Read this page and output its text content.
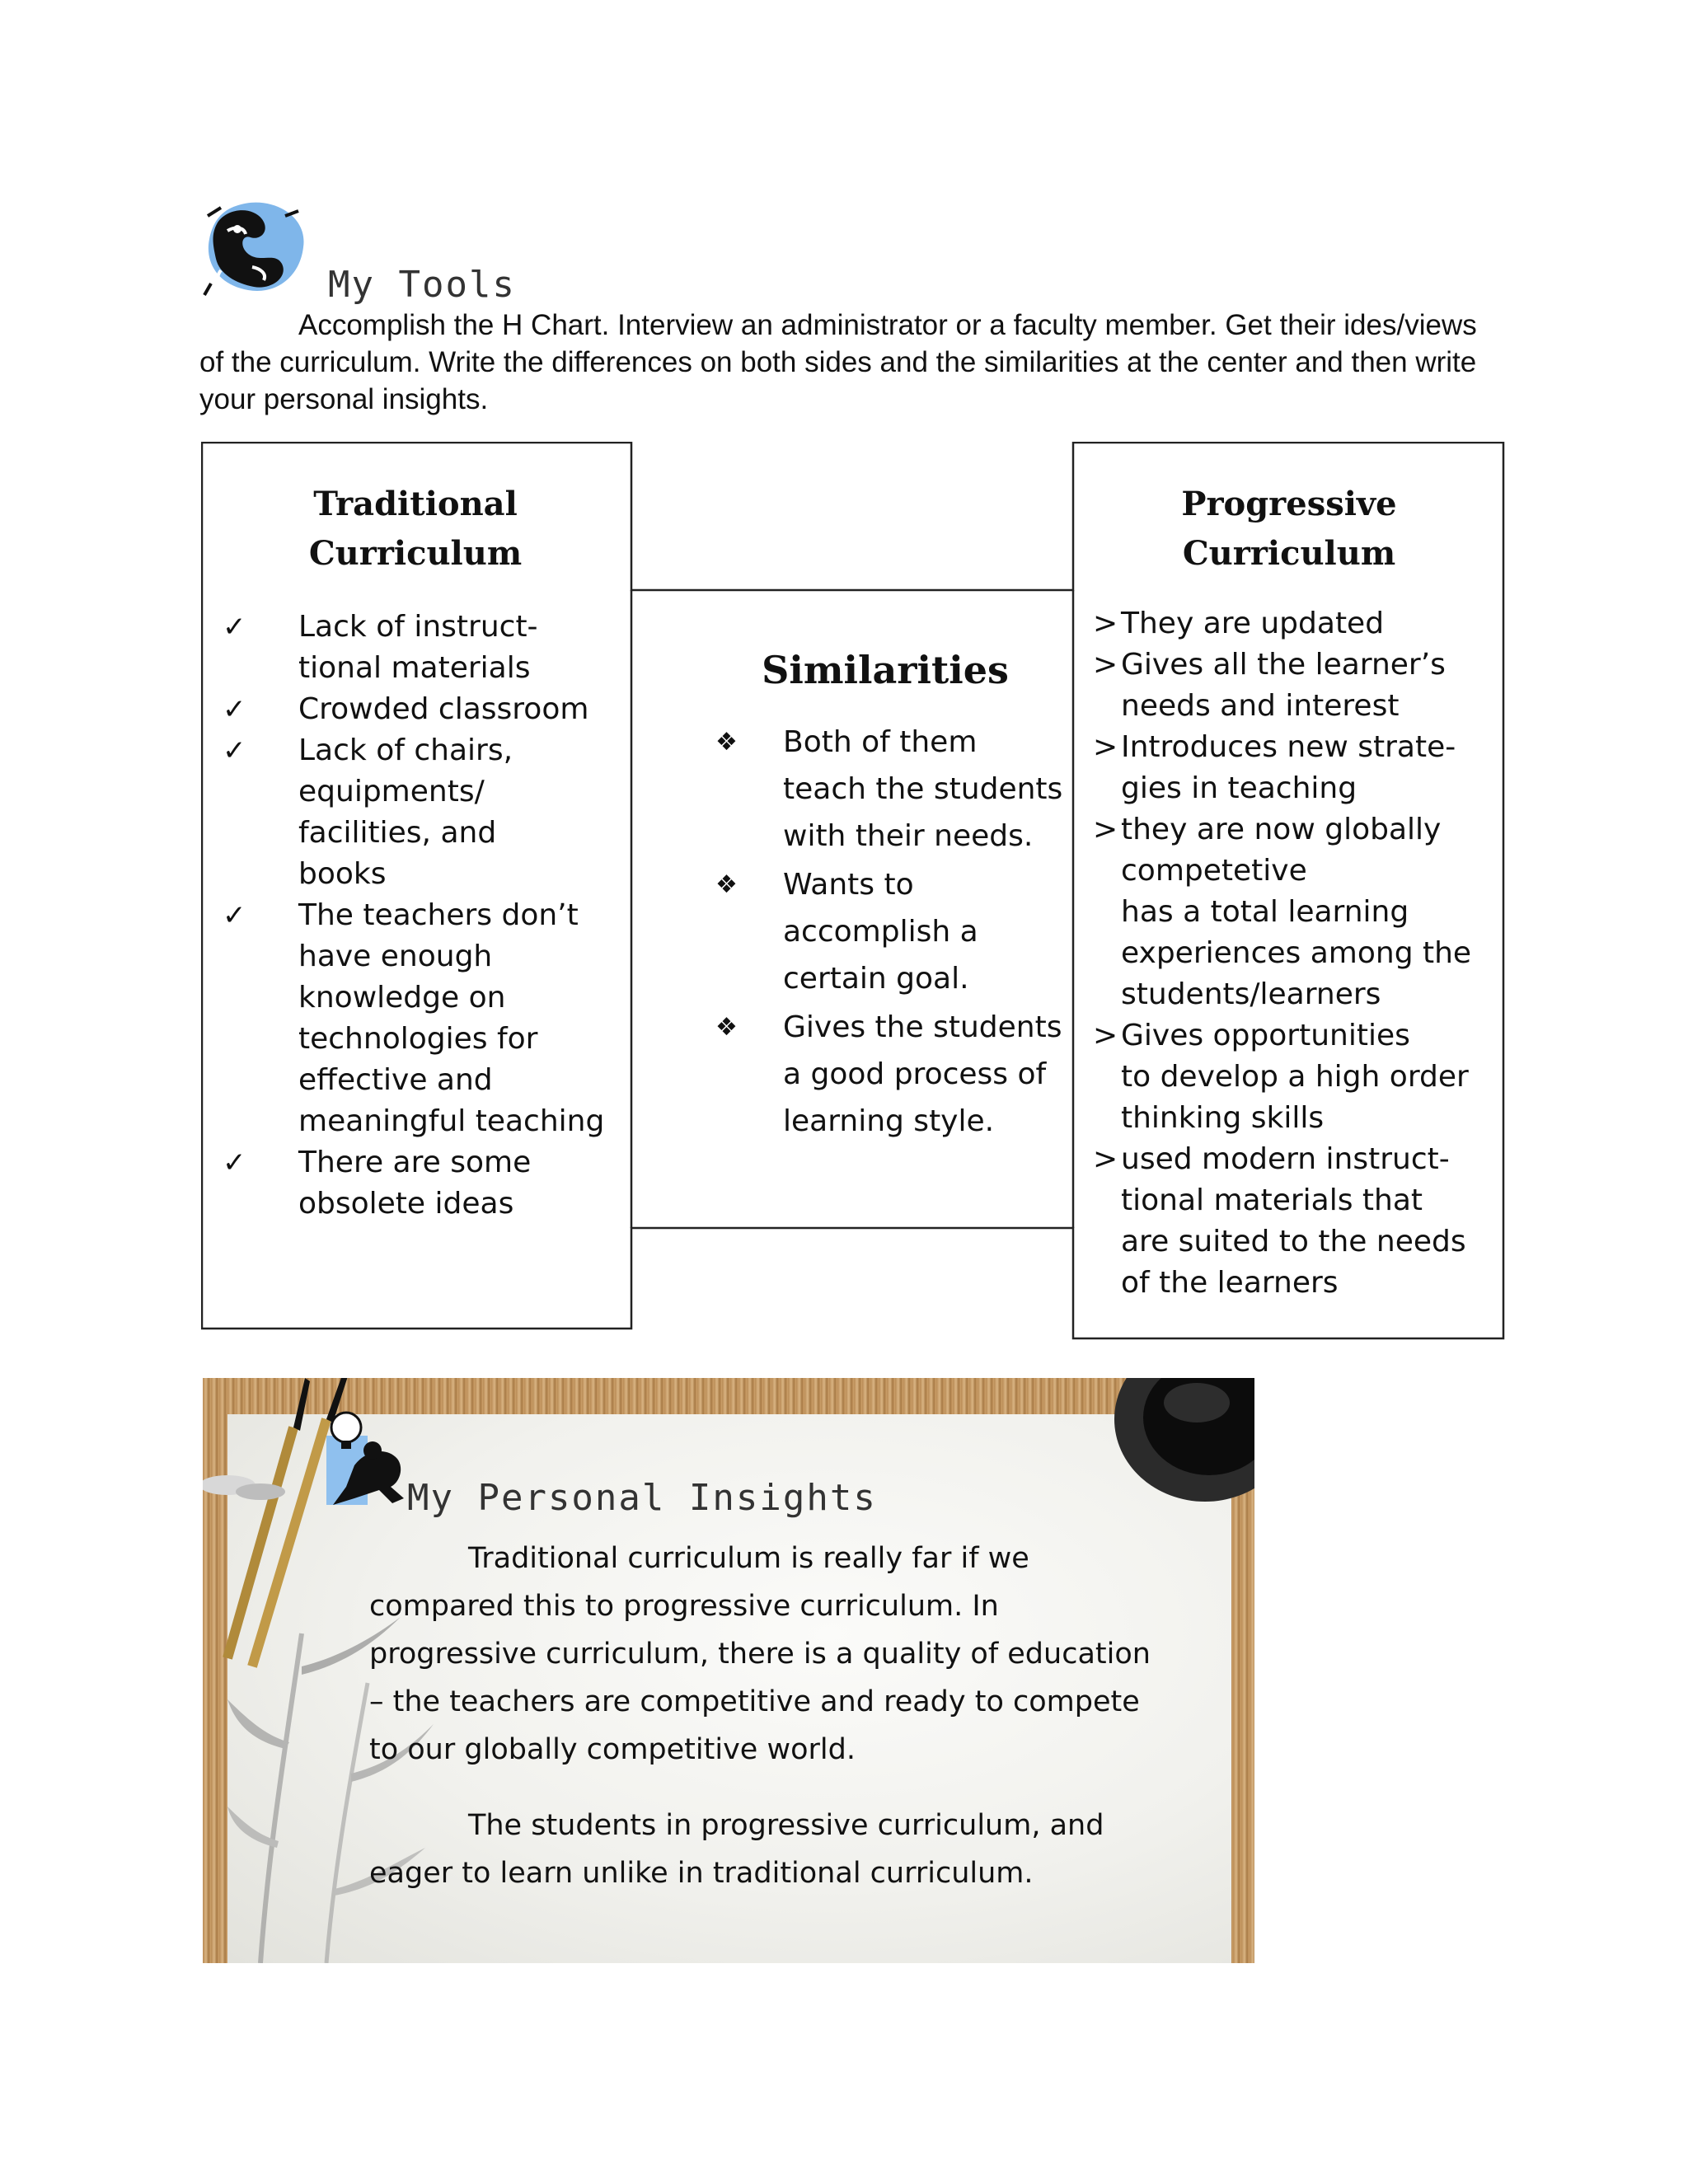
My Tools
Accomplish the H Chart. Interview an administrator or a faculty member. Get their ides/views of the curriculum. Write the differences on both sides and the similarities at the center and then write your personal insights.
Traditional
Curriculum
✓ Lack of instruct-
tional materials
✓ Crowded classroom
✓ Lack of chairs,
equipments/
facilities, and
books
✓ The teachers don’t
have enough
knowledge on
technologies for
effective and
meaningful teaching
✓ There are some
obsolete ideas
Similarities
❖ Both of them
teach the students
with their needs.
❖ Wants to
accomplish a
certain goal.
❖ Gives the students
a good process of
learning style.
Progressive
Curriculum
> They are updated
> Gives all the learner’s
needs and interest
> Introduces new strate-
gies in teaching
> they are now globally
competetive
has a total learning
experiences among the
students/learners
> Gives opportunities
to develop a high order
thinking skills
> used modern instruct-
tional materials that
are suited to the needs
of the learners
My Personal Insights

Traditional curriculum is really far if we compared this to progressive curriculum. In progressive curriculum, there is a quality of education – the teachers are competitive and ready to compete to our globally competitive world.

The students in progressive curriculum, and eager to learn unlike in traditional curriculum.
